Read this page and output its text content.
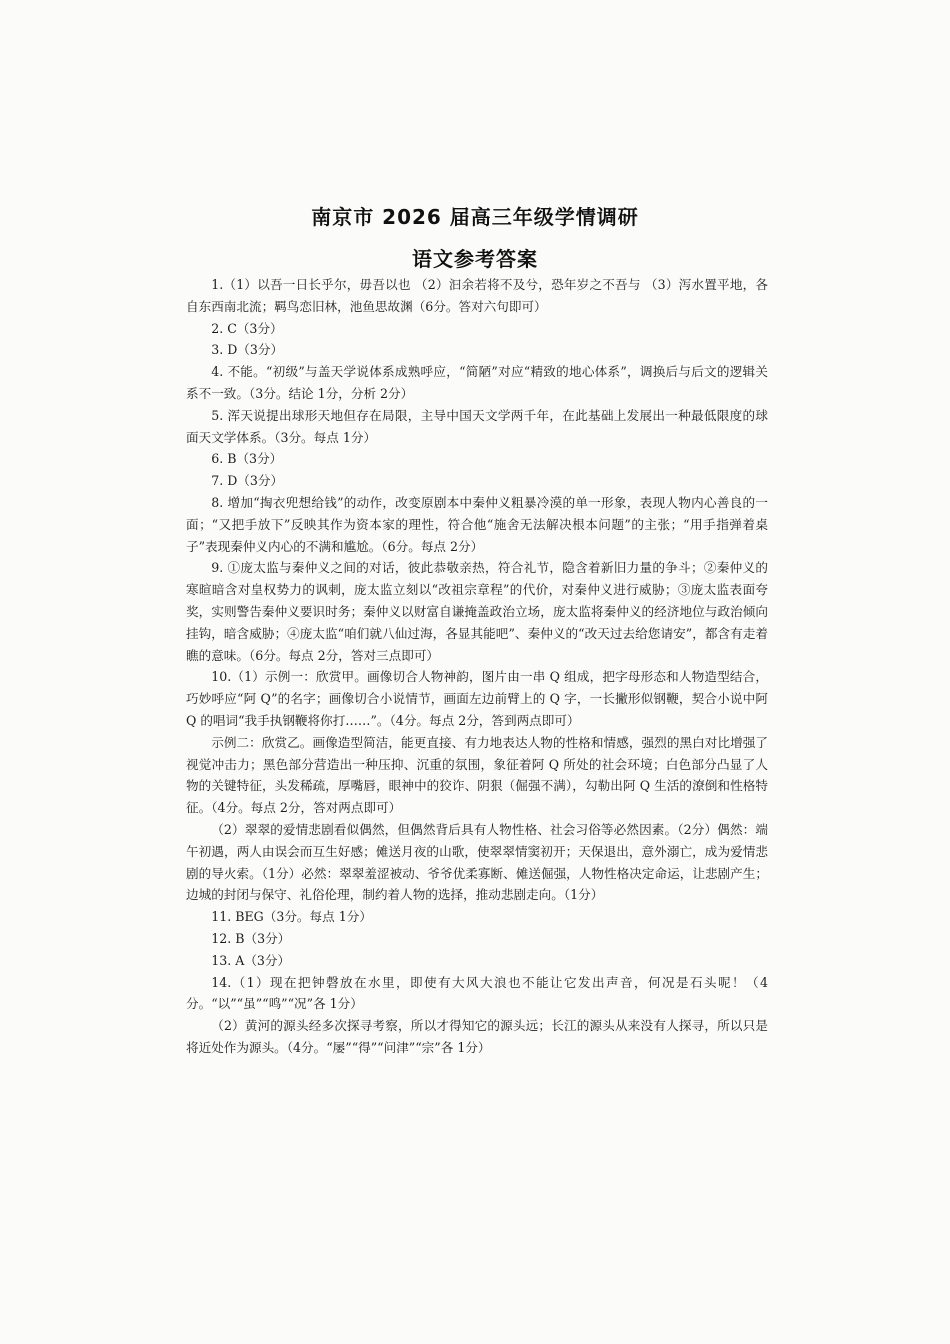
南京市 2026 届高三年级学情调研
语文参考答案

1.（1）以吾一日长乎尔，毋吾以也 （2）汩余若将不及兮，恐年岁之不吾与 （3）泻水置平地，各自东西南北流；羁鸟恋旧林，池鱼思故渊（6分。答对六句即可）

2. C（3分）

3. D（3分）

4. 不能。“初级”与盖天学说体系成熟呼应，“简陋”对应“精致的地心体系”，调换后与后文的逻辑关系不一致。（3分。结论 1分，分析 2分）

5. 浑天说提出球形天地但存在局限，主导中国天文学两千年，在此基础上发展出一种最低限度的球面天文学体系。（3分。每点 1分）

6. B（3分）

7. D（3分）

8. 增加“掏衣兜想给钱”的动作，改变原剧本中秦仲义粗暴冷漠的单一形象，表现人物内心善良的一面；“又把手放下”反映其作为资本家的理性，符合他“施舍无法解决根本问题”的主张；“用手指弹着桌子”表现秦仲义内心的不满和尴尬。（6分。每点 2分）

9. ①庞太监与秦仲义之间的对话，彼此恭敬亲热，符合礼节，隐含着新旧力量的争斗；②秦仲义的寒暄暗含对皇权势力的讽刺，庞太监立刻以“改祖宗章程”的代价，对秦仲义进行威胁；③庞太监表面夸奖，实则警告秦仲义要识时务；秦仲义以财富自谦掩盖政治立场，庞太监将秦仲义的经济地位与政治倾向挂钩，暗含威胁；④庞太监“咱们就八仙过海，各显其能吧”、秦仲义的“改天过去给您请安”，都含有走着瞧的意味。（6分。每点 2分，答对三点即可）

10.（1）示例一：欣赏甲。画像切合人物神韵，图片由一串 Q 组成，把字母形态和人物造型结合，巧妙呼应“阿 Q”的名字；画像切合小说情节，画面左边前臂上的 Q 字，一长撇形似钢鞭，契合小说中阿 Q 的唱词“我手执钢鞭将你打……”。（4分。每点 2分，答到两点即可）

示例二：欣赏乙。画像造型简洁，能更直接、有力地表达人物的性格和情感，强烈的黑白对比增强了视觉冲击力；黑色部分营造出一种压抑、沉重的氛围，象征着阿 Q 所处的社会环境；白色部分凸显了人物的关键特征，头发稀疏，厚嘴唇，眼神中的狡诈、阴狠（倔强不满），勾勒出阿 Q 生活的潦倒和性格特征。（4分。每点 2分，答对两点即可）

（2）翠翠的爱情悲剧看似偶然，但偶然背后具有人物性格、社会习俗等必然因素。（2分）偶然：端午初遇，两人由误会而互生好感；傩送月夜的山歌，使翠翠情窦初开；天保退出，意外溺亡，成为爱情悲剧的导火索。（1分）必然：翠翠羞涩被动、爷爷优柔寡断、傩送倔强，人物性格决定命运，让悲剧产生；边城的封闭与保守、礼俗伦理，制约着人物的选择，推动悲剧走向。（1分）

11. BEG（3分。每点 1分）

12. B（3分）

13. A（3分）

14.（1）现在把钟磬放在水里，即使有大风大浪也不能让它发出声音，何况是石头呢！（4分。“以”“虽”“鸣”“况”各 1分）

（2）黄河的源头经多次探寻考察，所以才得知它的源头远；长江的源头从来没有人探寻，所以只是将近处作为源头。（4分。“屡”“得”“问津”“宗”各 1分）
